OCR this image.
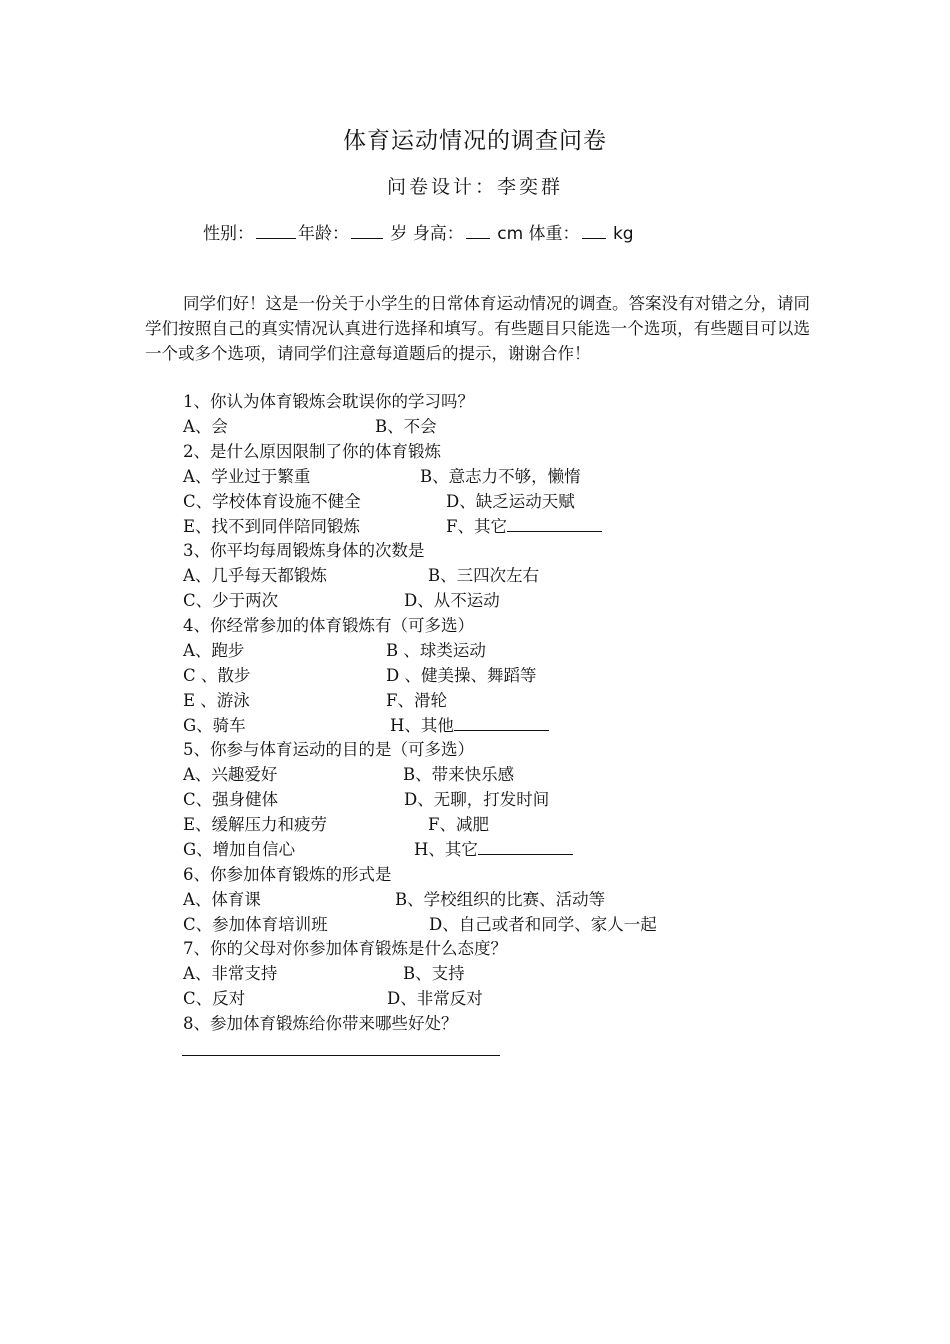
体育运动情况的调查问卷
问卷设计：李奕群
性别：	年龄： 岁 身高： cm 体重： kg

同学们好！这是一份关于小学生的日常体育运动情况的调查。答案没有对错之分，请同学们按照自己的真实情况认真进行选择和填写。有些题目只能选一个选项，有些题目可以选一个或多个选项，请同学们注意每道题后的提示，谢谢合作！

1、你认为体育锻炼会耽误你的学习吗？
A、会	B、不会
2、是什么原因限制了你的体育锻炼
A、学业过于繁重	B、意志力不够，懒惰
C、学校体育设施不健全	D、缺乏运动天赋
E、找不到同伴陪同锻炼	F、其它
3、你平均每周锻炼身体的次数是
A、几乎每天都锻炼	B、三四次左右
C、少于两次	D、从不运动
4、你经常参加的体育锻炼有（可多选）
A、跑步	B 、球类运动
C 、散步	D 、健美操、舞蹈等
E 、游泳	F、滑轮
G、骑车	H、其他
5、你参与体育运动的目的是（可多选）
A、兴趣爱好	B、带来快乐感
C、强身健体	D、无聊，打发时间
E、缓解压力和疲劳	F、减肥
G、增加自信心	H、其它
6、你参加体育锻炼的形式是
A、体育课	B、学校组织的比赛、活动等
C、参加体育培训班	D、自己或者和同学、家人一起
7、你的父母对你参加体育锻炼是什么态度？
A、非常支持	B、支持
C、反对	D、非常反对
8、参加体育锻炼给你带来哪些好处？
